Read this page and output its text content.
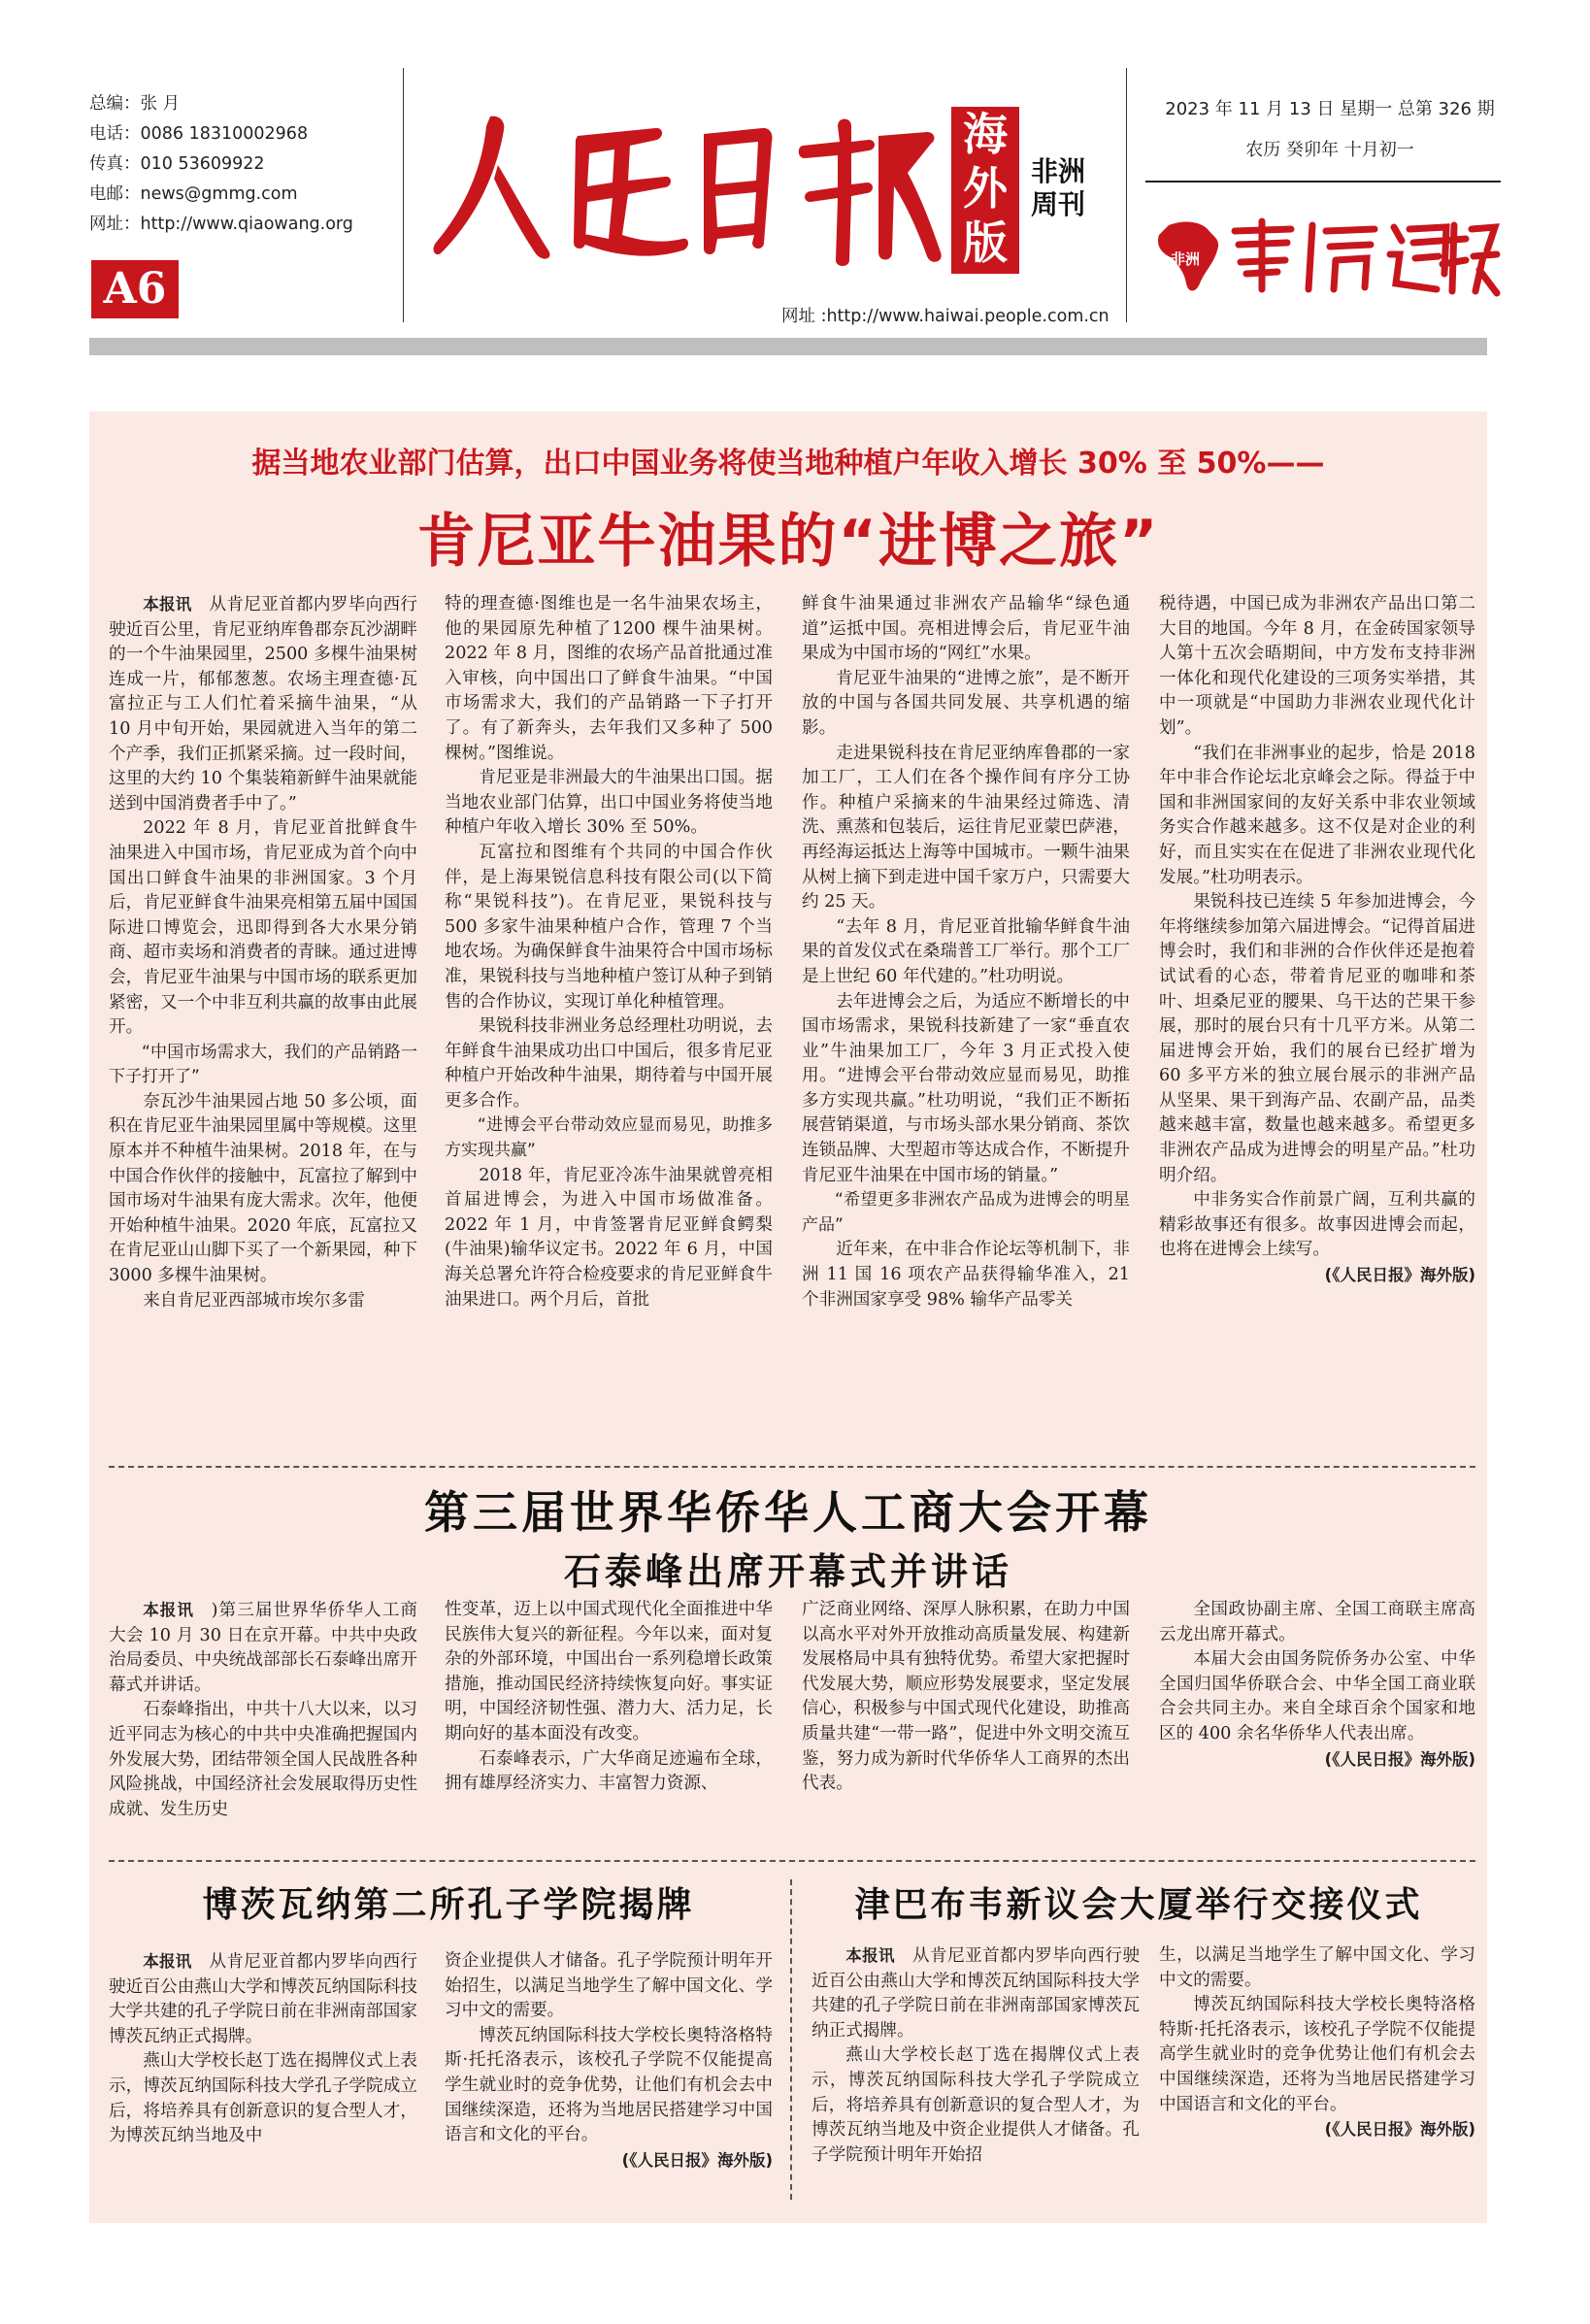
总编：张 月
电话：0086 18310002968
传真：010 53609922
电邮：news@gmmg.com
网址：http://www.qiaowang.org
A6
海
外
版
非洲
周刊
网址 :http://www.haiwai.people.com.cn
2023 年 11 月 13 日 星期一 总第 326 期
农历 癸卯年 十月初一
非洲
据当地农业部门估算，出口中国业务将使当地种植户年收入增长 30% 至 50%——
肯尼亚牛油果的“进博之旅”

本报讯  从肯尼亚首都内罗毕向西行驶近百公里，肯尼亚纳库鲁郡奈瓦沙湖畔的一个牛油果园里，2500 多棵牛油果树连成一片，郁郁葱葱。农场主理查德·瓦富拉正与工人们忙着采摘牛油果，“从 10 月中旬开始，果园就进入当年的第二个产季，我们正抓紧采摘。过一段时间，这里的大约 10 个集装箱新鲜牛油果就能送到中国消费者手中了。”

2022 年 8 月，肯尼亚首批鲜食牛油果进入中国市场，肯尼亚成为首个向中国出口鲜食牛油果的非洲国家。3 个月后，肯尼亚鲜食牛油果亮相第五届中国国际进口博览会，迅即得到各大水果分销商、超市卖场和消费者的青睐。通过进博会，肯尼亚牛油果与中国市场的联系更加紧密，又一个中非互利共赢的故事由此展开。

“中国市场需求大，我们的产品销路一下子打开了”

奈瓦沙牛油果园占地 50 多公顷，面积在肯尼亚牛油果园里属中等规模。这里原本并不种植牛油果树。2018 年，在与中国合作伙伴的接触中，瓦富拉了解到中国市场对牛油果有庞大需求。次年，他便开始种植牛油果。2020 年底，瓦富拉又在肯尼亚山山脚下买了一个新果园，种下 3000 多棵牛油果树。

来自肯尼亚西部城市埃尔多雷

特的理查德·图维也是一名牛油果农场主，他的果园原先种植了1200 棵牛油果树。2022 年 8 月，图维的农场产品首批通过准入审核，向中国出口了鲜食牛油果。“中国市场需求大，我们的产品销路一下子打开了。有了新奔头，去年我们又多种了 500 棵树。”图维说。

肯尼亚是非洲最大的牛油果出口国。据当地农业部门估算，出口中国业务将使当地种植户年收入增长 30% 至 50%。

瓦富拉和图维有个共同的中国合作伙伴，是上海果锐信息科技有限公司(以下简称“果锐科技”)。在肯尼亚，果锐科技与 500 多家牛油果种植户合作，管理 7 个当地农场。为确保鲜食牛油果符合中国市场标准，果锐科技与当地种植户签订从种子到销售的合作协议，实现订单化种植管理。

果锐科技非洲业务总经理杜功明说，去年鲜食牛油果成功出口中国后，很多肯尼亚种植户开始改种牛油果，期待着与中国开展更多合作。

“进博会平台带动效应显而易见，助推多方实现共赢”

2018 年，肯尼亚冷冻牛油果就曾亮相首届进博会，为进入中国市场做准备。2022 年 1 月，中肯签署肯尼亚鲜食鳄梨(牛油果)输华议定书。2022 年 6 月，中国海关总署允许符合检疫要求的肯尼亚鲜食牛油果进口。两个月后，首批

鲜食牛油果通过非洲农产品输华“绿色通道”运抵中国。亮相进博会后，肯尼亚牛油果成为中国市场的“网红”水果。

肯尼亚牛油果的“进博之旅”，是不断开放的中国与各国共同发展、共享机遇的缩影。

走进果锐科技在肯尼亚纳库鲁郡的一家加工厂，工人们在各个操作间有序分工协作。种植户采摘来的牛油果经过筛选、清洗、熏蒸和包装后，运往肯尼亚蒙巴萨港，再经海运抵达上海等中国城市。一颗牛油果从树上摘下到走进中国千家万户，只需要大约 25 天。

“去年 8 月，肯尼亚首批输华鲜食牛油果的首发仪式在桑瑞普工厂举行。那个工厂是上世纪 60 年代建的。”杜功明说。

去年进博会之后，为适应不断增长的中国市场需求，果锐科技新建了一家“垂直农业”牛油果加工厂，今年 3 月正式投入使用。“进博会平台带动效应显而易见，助推多方实现共赢。”杜功明说，“我们正不断拓展营销渠道，与市场头部水果分销商、茶饮连锁品牌、大型超市等达成合作，不断提升肯尼亚牛油果在中国市场的销量。”

“希望更多非洲农产品成为进博会的明星产品”

近年来，在中非合作论坛等机制下，非洲 11 国 16 项农产品获得输华准入，21 个非洲国家享受 98% 输华产品零关

税待遇，中国已成为非洲农产品出口第二大目的地国。今年 8 月，在金砖国家领导人第十五次会晤期间，中方发布支持非洲一体化和现代化建设的三项务实举措，其中一项就是“中国助力非洲农业现代化计划”。

“我们在非洲事业的起步，恰是 2018 年中非合作论坛北京峰会之际。得益于中国和非洲国家间的友好关系中非农业领域务实合作越来越多。这不仅是对企业的利好，而且实实在在促进了非洲农业现代化发展。”杜功明表示。

果锐科技已连续 5 年参加进博会，今年将继续参加第六届进博会。“记得首届进博会时，我们和非洲的合作伙伴还是抱着试试看的心态，带着肯尼亚的咖啡和茶叶、坦桑尼亚的腰果、乌干达的芒果干参展，那时的展台只有十几平方米。从第二届进博会开始，我们的展台已经扩增为 60 多平方米的独立展台展示的非洲产品从坚果、果干到海产品、农副产品，品类越来越丰富，数量也越来越多。希望更多非洲农产品成为进博会的明星产品。”杜功明介绍。

中非务实合作前景广阔，互利共赢的精彩故事还有很多。故事因进博会而起，也将在进博会上续写。

(《人民日报》海外版)

第三届世界华侨华人工商大会开幕
石泰峰出席开幕式并讲话

本报讯  )第三届世界华侨华人工商大会 10 月 30 日在京开幕。中共中央政治局委员、中央统战部部长石泰峰出席开幕式并讲话。

石泰峰指出，中共十八大以来，以习近平同志为核心的中共中央准确把握国内外发展大势，团结带领全国人民战胜各种风险挑战，中国经济社会发展取得历史性成就、发生历史

性变革，迈上以中国式现代化全面推进中华民族伟大复兴的新征程。今年以来，面对复杂的外部环境，中国出台一系列稳增长政策措施，推动国民经济持续恢复向好。事实证明，中国经济韧性强、潜力大、活力足，长期向好的基本面没有改变。

石泰峰表示，广大华商足迹遍布全球，拥有雄厚经济实力、丰富智力资源、

广泛商业网络、深厚人脉积累，在助力中国以高水平对外开放推动高质量发展、构建新发展格局中具有独特优势。希望大家把握时代发展大势，顺应形势发展要求，坚定发展信心，积极参与中国式现代化建设，助推高质量共建“一带一路”，促进中外文明交流互鉴，努力成为新时代华侨华人工商界的杰出代表。

全国政协副主席、全国工商联主席高云龙出席开幕式。

本届大会由国务院侨务办公室、中华全国归国华侨联合会、中华全国工商业联合会共同主办。来自全球百余个国家和地区的 400 余名华侨华人代表出席。

(《人民日报》海外版)

博茨瓦纳第二所孔子学院揭牌

本报讯  从肯尼亚首都内罗毕向西行驶近百公由燕山大学和博茨瓦纳国际科技大学共建的孔子学院日前在非洲南部国家博茨瓦纳正式揭牌。

燕山大学校长赵丁选在揭牌仪式上表示，博茨瓦纳国际科技大学孔子学院成立后，将培养具有创新意识的复合型人才，为博茨瓦纳当地及中

资企业提供人才储备。孔子学院预计明年开始招生，以满足当地学生了解中国文化、学习中文的需要。

博茨瓦纳国际科技大学校长奥特洛格特斯·托托洛表示，该校孔子学院不仅能提高学生就业时的竞争优势，让他们有机会去中国继续深造，还将为当地居民搭建学习中国语言和文化的平台。

(《人民日报》海外版)

津巴布韦新议会大厦举行交接仪式

本报讯  从肯尼亚首都内罗毕向西行驶近百公由燕山大学和博茨瓦纳国际科技大学共建的孔子学院日前在非洲南部国家博茨瓦纳正式揭牌。

燕山大学校长赵丁选在揭牌仪式上表示，博茨瓦纳国际科技大学孔子学院成立后，将培养具有创新意识的复合型人才，为博茨瓦纳当地及中资企业提供人才储备。孔子学院预计明年开始招

生，以满足当地学生了解中国文化、学习中文的需要。

博茨瓦纳国际科技大学校长奥特洛格特斯·托托洛表示，该校孔子学院不仅能提高学生就业时的竞争优势让他们有机会去中国继续深造，还将为当地居民搭建学习中国语言和文化的平台。

(《人民日报》海外版)
